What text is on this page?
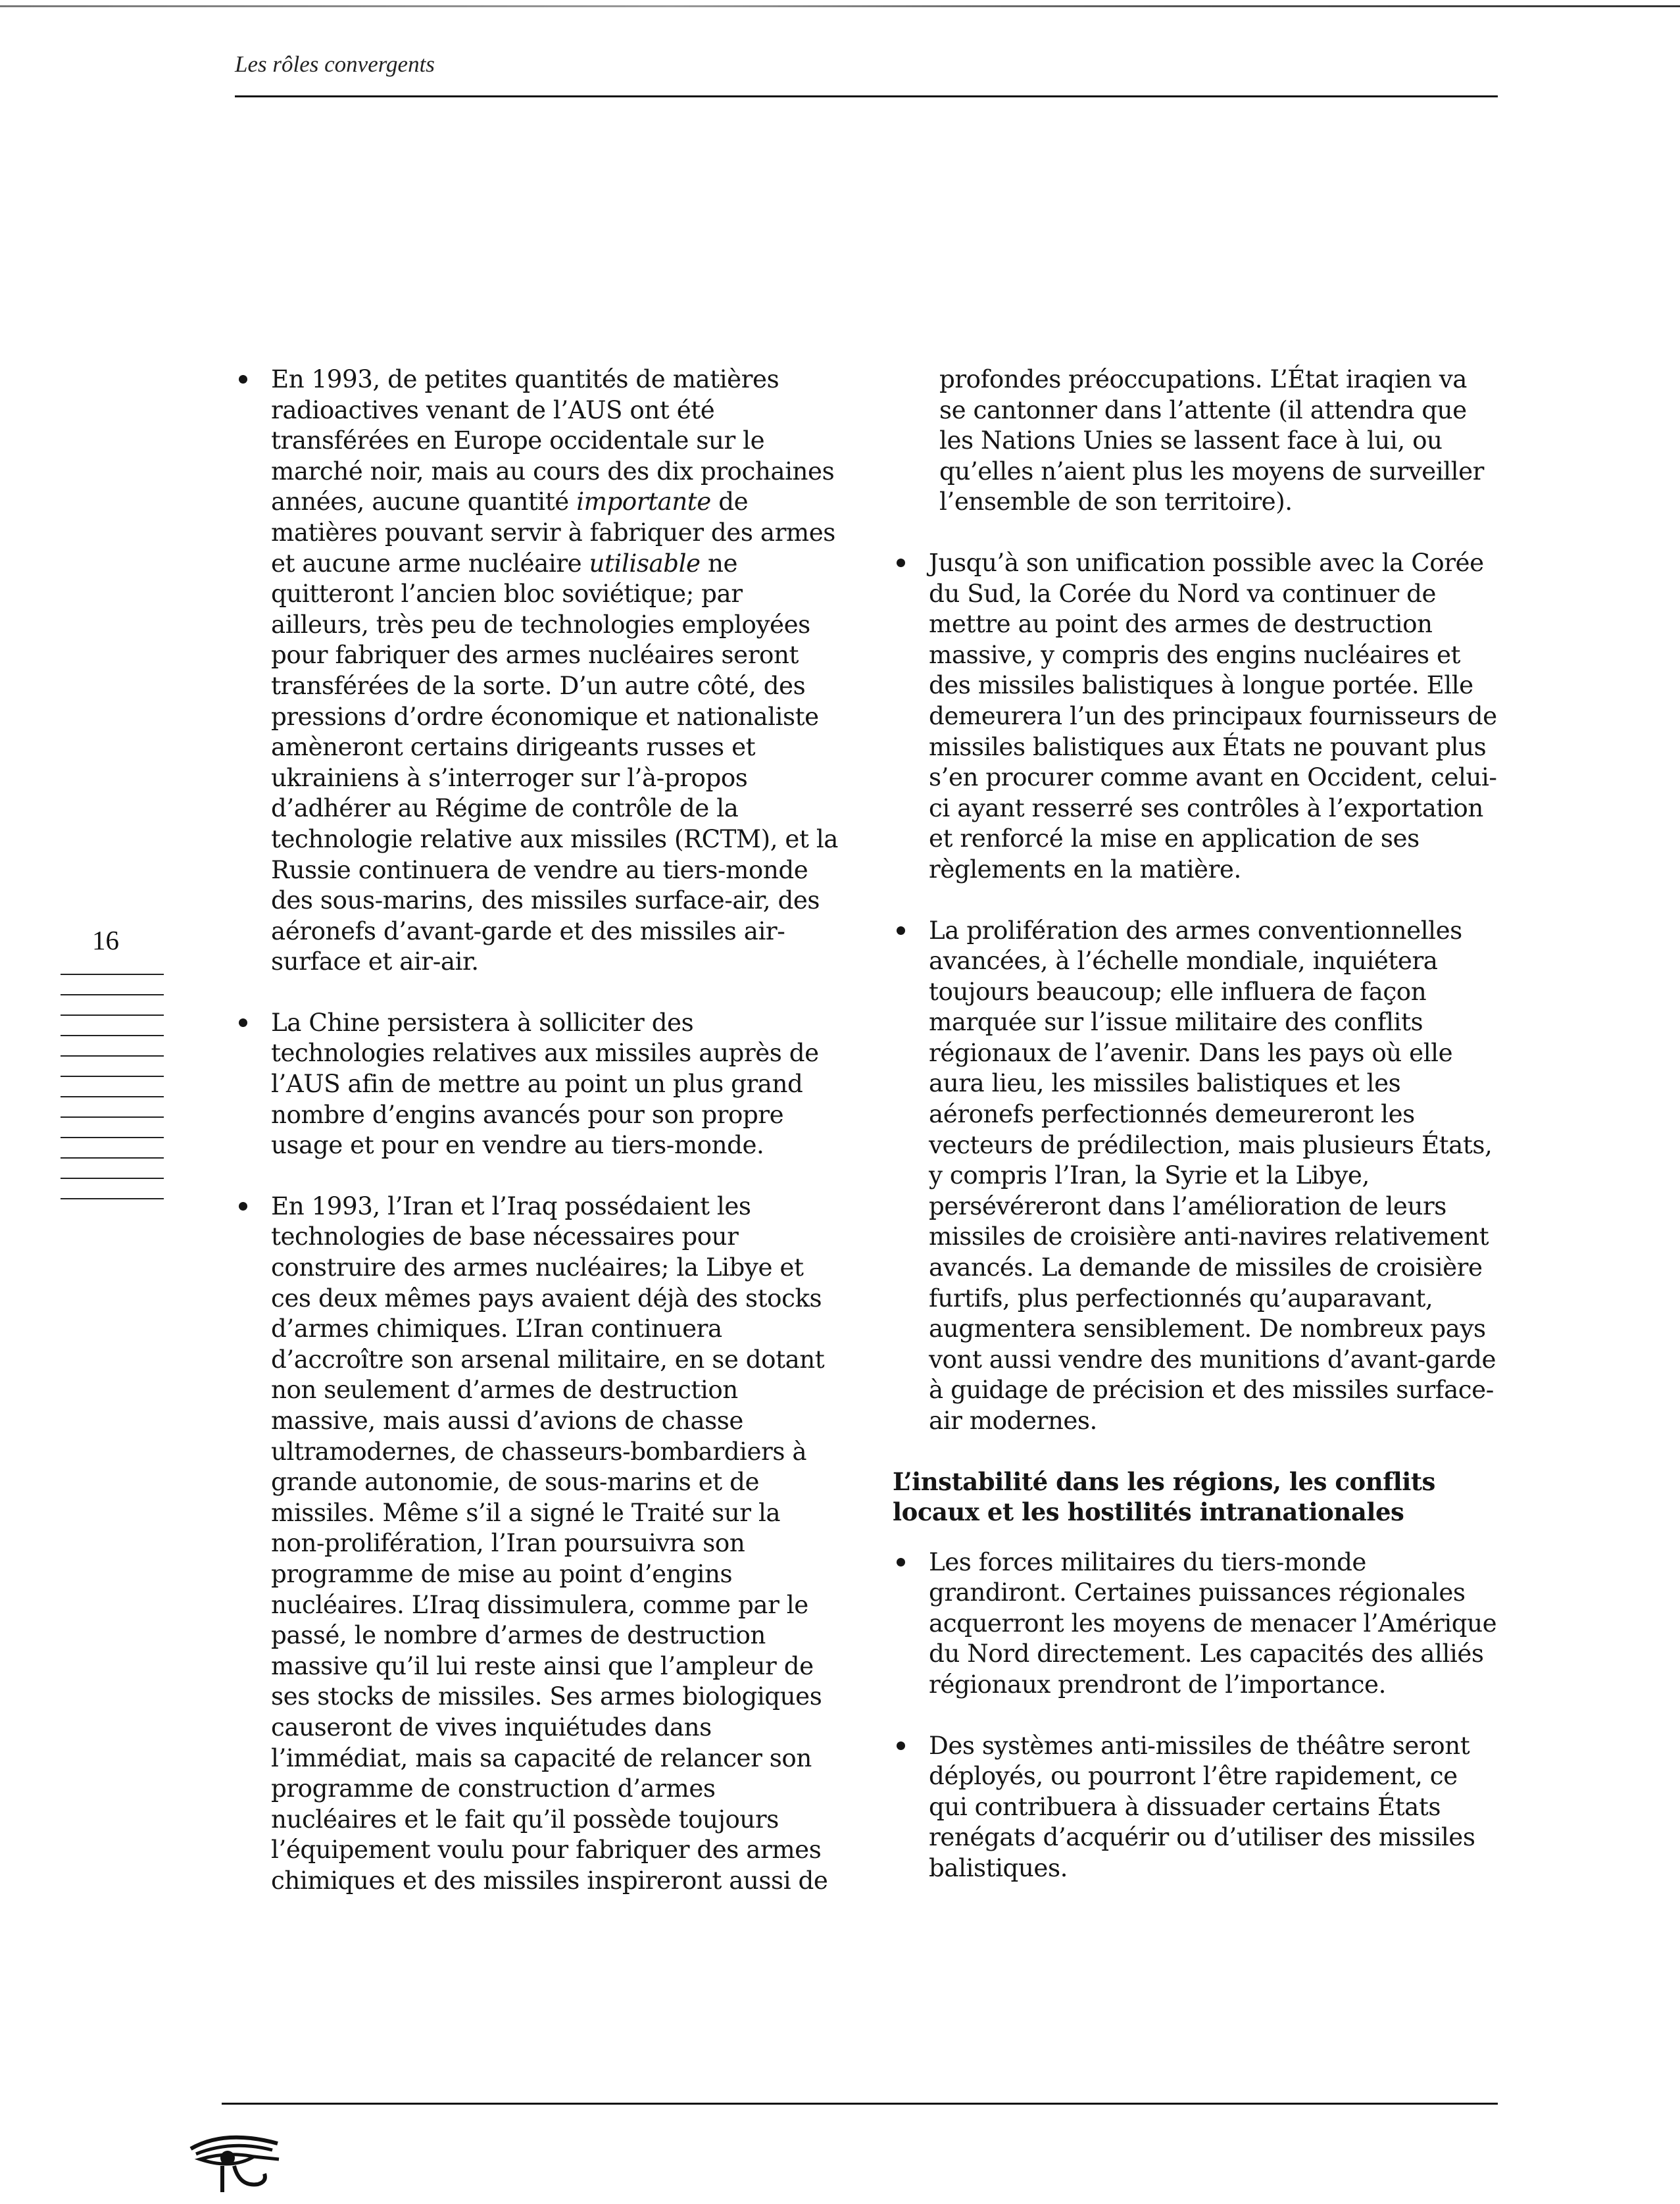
Les rôles convergents
16
En 1993, de petites quantités de matières radioactives venant de l’AUS ont été transférées en Europe occidentale sur le marché noir, mais au cours des dix prochaines années, aucune quantité importante de matières pouvant servir à fabriquer des armes et aucune arme nucléaire utilisable ne quitteront l’ancien bloc soviétique; par ailleurs, très peu de technologies employées pour fabriquer des armes nucléaires seront transférées de la sorte. D’un autre côté, des pressions d’ordre économique et nationaliste amèneront certains dirigeants russes et ukrainiens à s’interroger sur l’à-propos d’adhérer au Régime de contrôle de la technologie relative aux missiles (RCTM), et la Russie continuera de vendre au tiers-monde des sous-marins, des missiles surface-air, des aéronefs d’avant-garde et des missiles air-surface et air-air.
La Chine persistera à solliciter des technologies relatives aux missiles auprès de l’AUS afin de mettre au point un plus grand nombre d’engins avancés pour son propre usage et pour en vendre au tiers-monde.
En 1993, l’Iran et l’Iraq possédaient les technologies de base nécessaires pour construire des armes nucléaires; la Libye et ces deux mêmes pays avaient déjà des stocks d’armes chimiques. L’Iran continuera d’accroître son arsenal militaire, en se dotant non seulement d’armes de destruction massive, mais aussi d’avions de chasse ultramodernes, de chasseurs-bombardiers à grande autonomie, de sous-marins et de missiles. Même s’il a signé le Traité sur la non-prolifération, l’Iran poursuivra son programme de mise au point d’engins nucléaires. L’Iraq dissimulera, comme par le passé, le nombre d’armes de destruction massive qu’il lui reste ainsi que l’ampleur de ses stocks de missiles. Ses armes biologiques causeront de vives inquiétudes dans l’immédiat, mais sa capacité de relancer son programme de construction d’armes nucléaires et le fait qu’il possède toujours l’équipement voulu pour fabriquer des armes chimiques et des missiles inspireront aussi de
profondes préoccupations. L’État iraqien va se cantonner dans l’attente (il attendra que les Nations Unies se lassent face à lui, ou qu’elles n’aient plus les moyens de surveiller l’ensemble de son territoire).
Jusqu’à son unification possible avec la Corée du Sud, la Corée du Nord va continuer de mettre au point des armes de destruction massive, y compris des engins nucléaires et des missiles balistiques à longue portée. Elle demeurera l’un des principaux fournisseurs de missiles balistiques aux États ne pouvant plus s’en procurer comme avant en Occident, celui-ci ayant resserré ses contrôles à l’exportation et renforcé la mise en application de ses règlements en la matière.
La prolifération des armes conventionnelles avancées, à l’échelle mondiale, inquiétera toujours beaucoup; elle influera de façon marquée sur l’issue militaire des conflits régionaux de l’avenir. Dans les pays où elle aura lieu, les missiles balistiques et les aéronefs perfectionnés demeureront les vecteurs de prédilection, mais plusieurs États, y compris l’Iran, la Syrie et la Libye, persévéreront dans l’amélioration de leurs missiles de croisière anti-navires relativement avancés. La demande de missiles de croisière furtifs, plus perfectionnés qu’auparavant, augmentera sensiblement. De nombreux pays vont aussi vendre des munitions d’avant-garde à guidage de précision et des missiles surface-air modernes.
L’instabilité dans les régions, les conflits locaux et les hostilités intranationales
Les forces militaires du tiers-monde grandiront. Certaines puissances régionales acquerront les moyens de menacer l’Amérique du Nord directement. Les capacités des alliés régionaux prendront de l’importance.
Des systèmes anti-missiles de théâtre seront déployés, ou pourront l’être rapidement, ce qui contribuera à dissuader certains États renégats d’acquérir ou d’utiliser des missiles balistiques.
